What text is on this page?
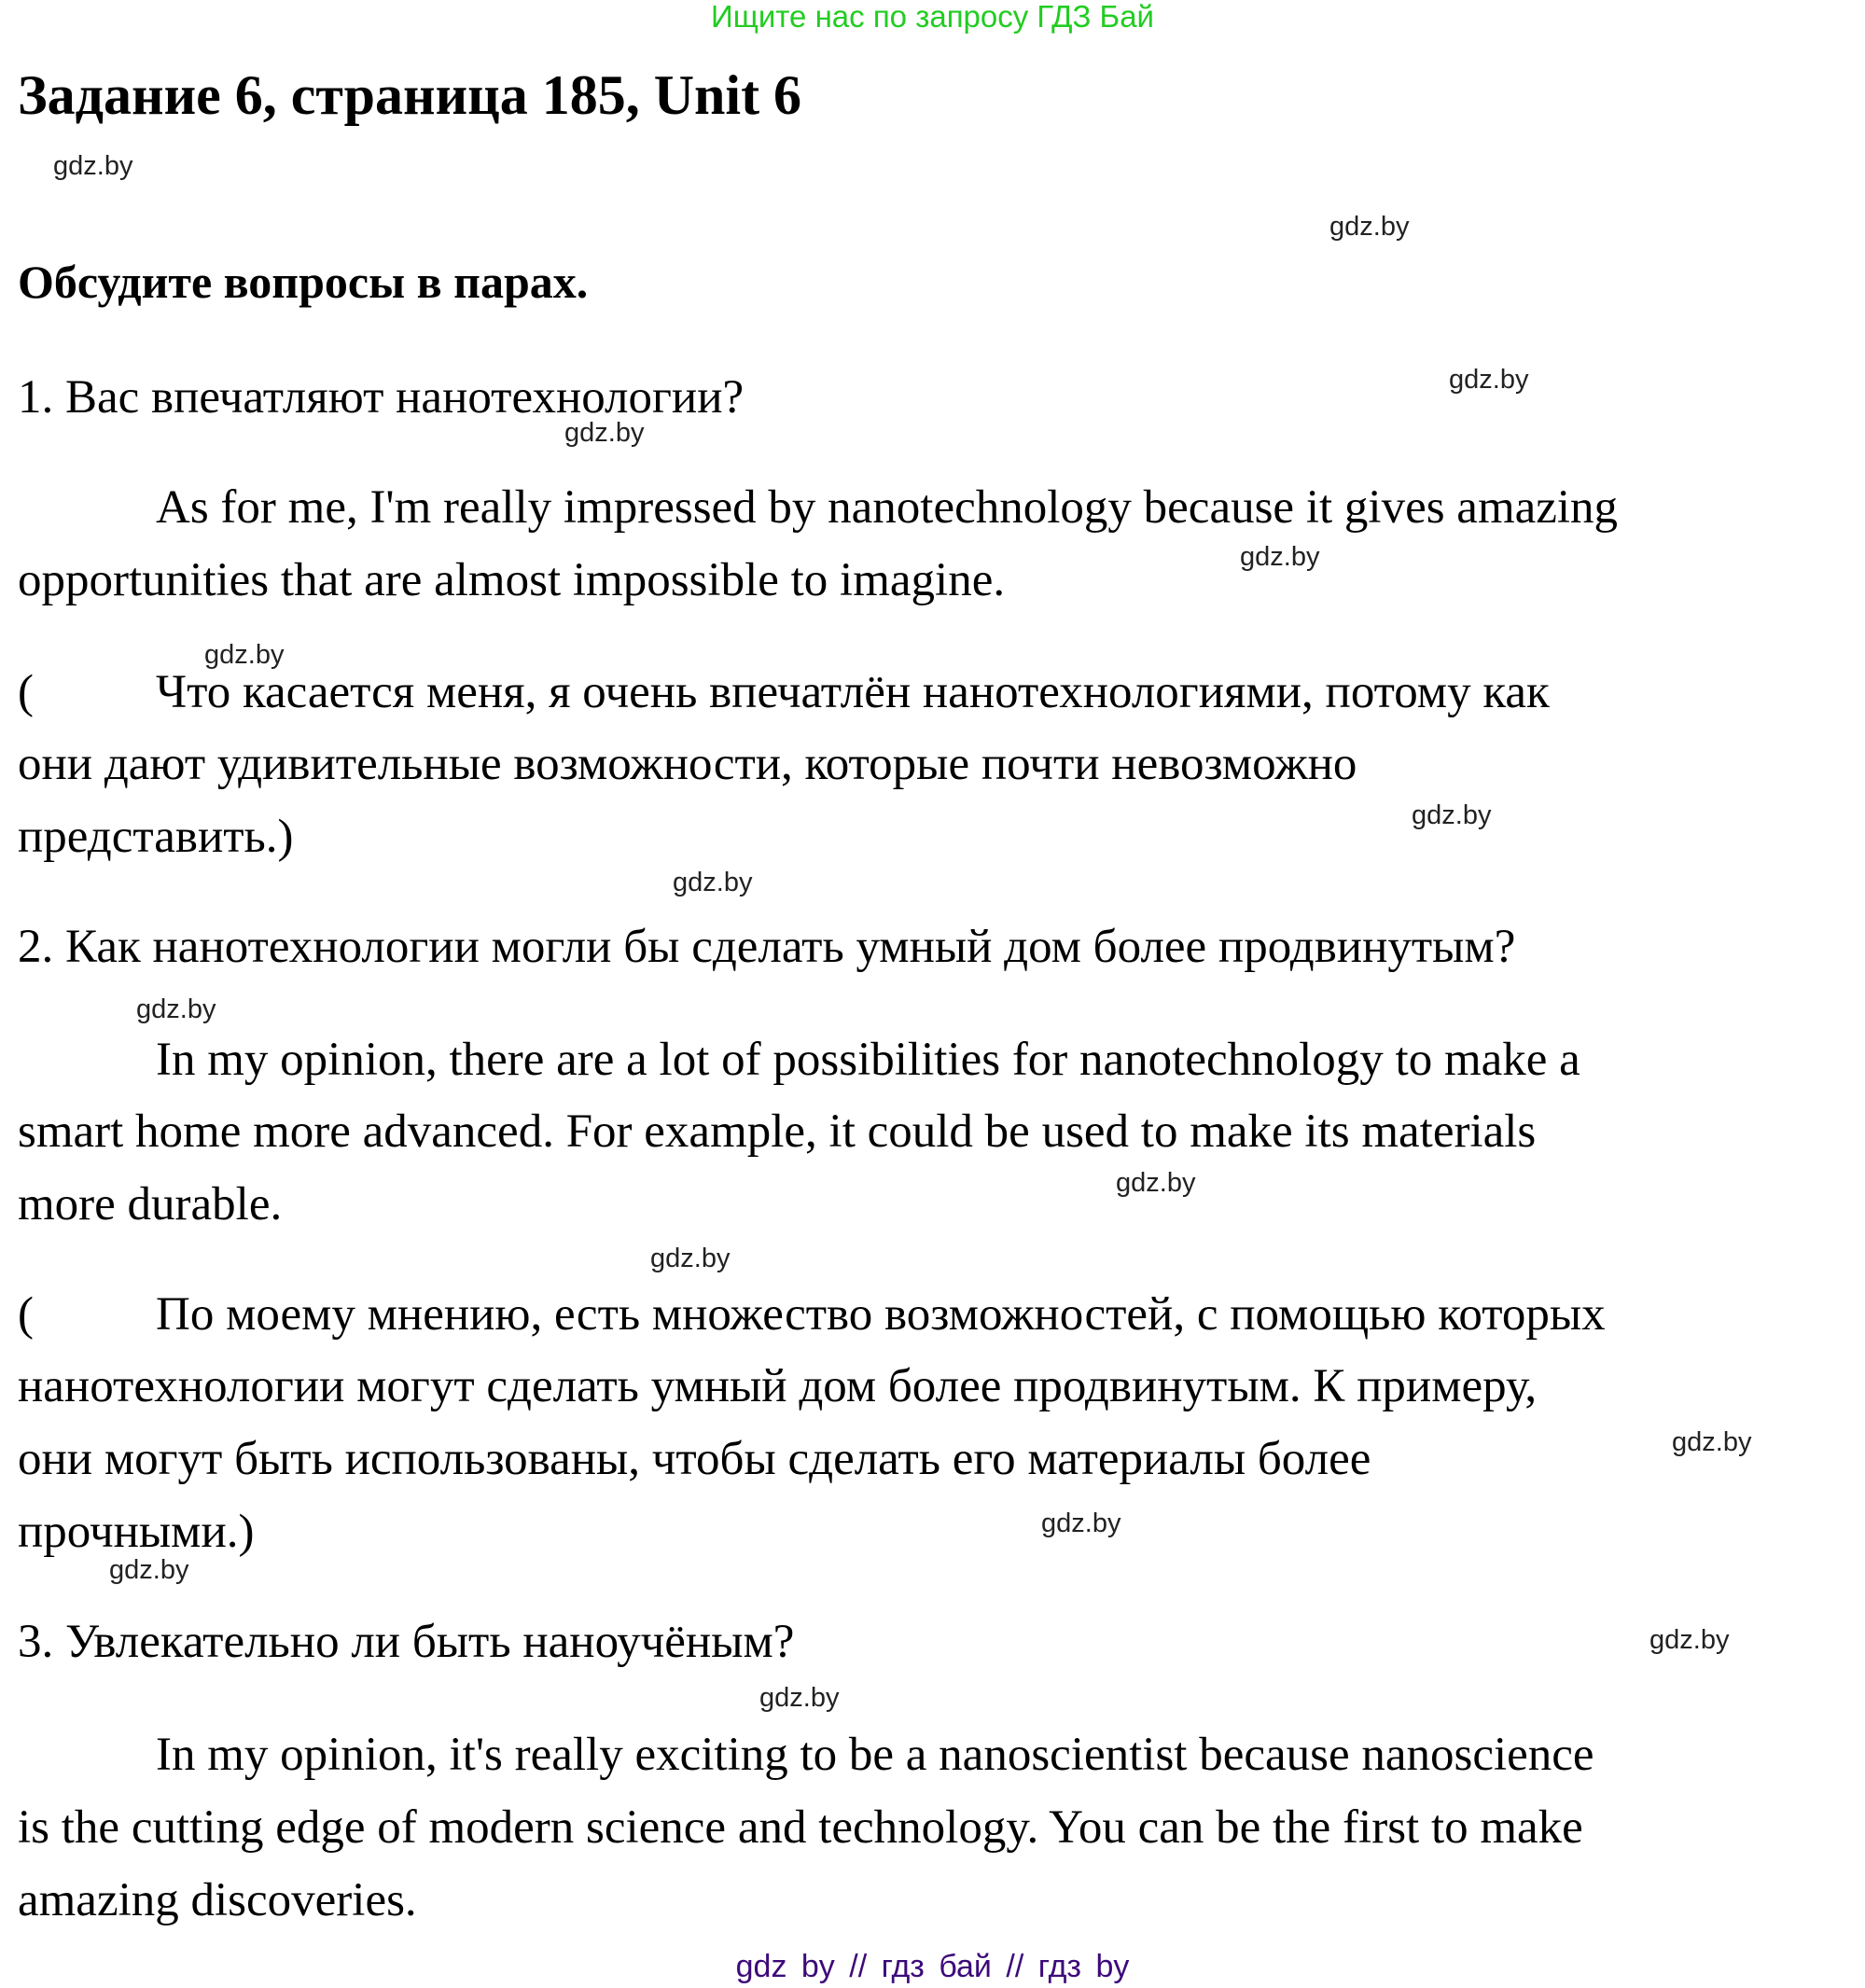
Ищите нас по запросу ГДЗ Бай
Задание 6, страница 185, Unit 6
Обсудите вопросы в парах.

1. Вас впечатляют нанотехнологии?

As for me, I'm really impressed by nanotechnology because it gives amazing

opportunities that are almost impossible to imagine.

(	Что касается меня, я очень впечатлён нанотехнологиями, потому как

они дают удивительные возможности, которые почти невозможно

представить.)

2. Как нанотехнологии могли бы сделать умный дом более продвинутым?

In my opinion, there are a lot of possibilities for nanotechnology to make a

smart home more advanced. For example, it could be used to make its materials

more durable.

(	По моему мнению, есть множество возможностей, с помощью которых

нанотехнологии могут сделать умный дом более продвинутым. К примеру,

они могут быть использованы, чтобы сделать его материалы более

прочными.)

3. Увлекательно ли быть наноучёным?

In my opinion, it's really exciting to be a nanoscientist because nanoscience

is the cutting edge of modern science and technology. You can be the first to make

amazing discoveries.

gdz.by
gdz.by
gdz.by
gdz.by
gdz.by
gdz.by
gdz.by
gdz.by
gdz.by
gdz.by
gdz.by
gdz.by
gdz.by
gdz.by
gdz.by
gdz.by
gdz by // гдз бай // гдз by
